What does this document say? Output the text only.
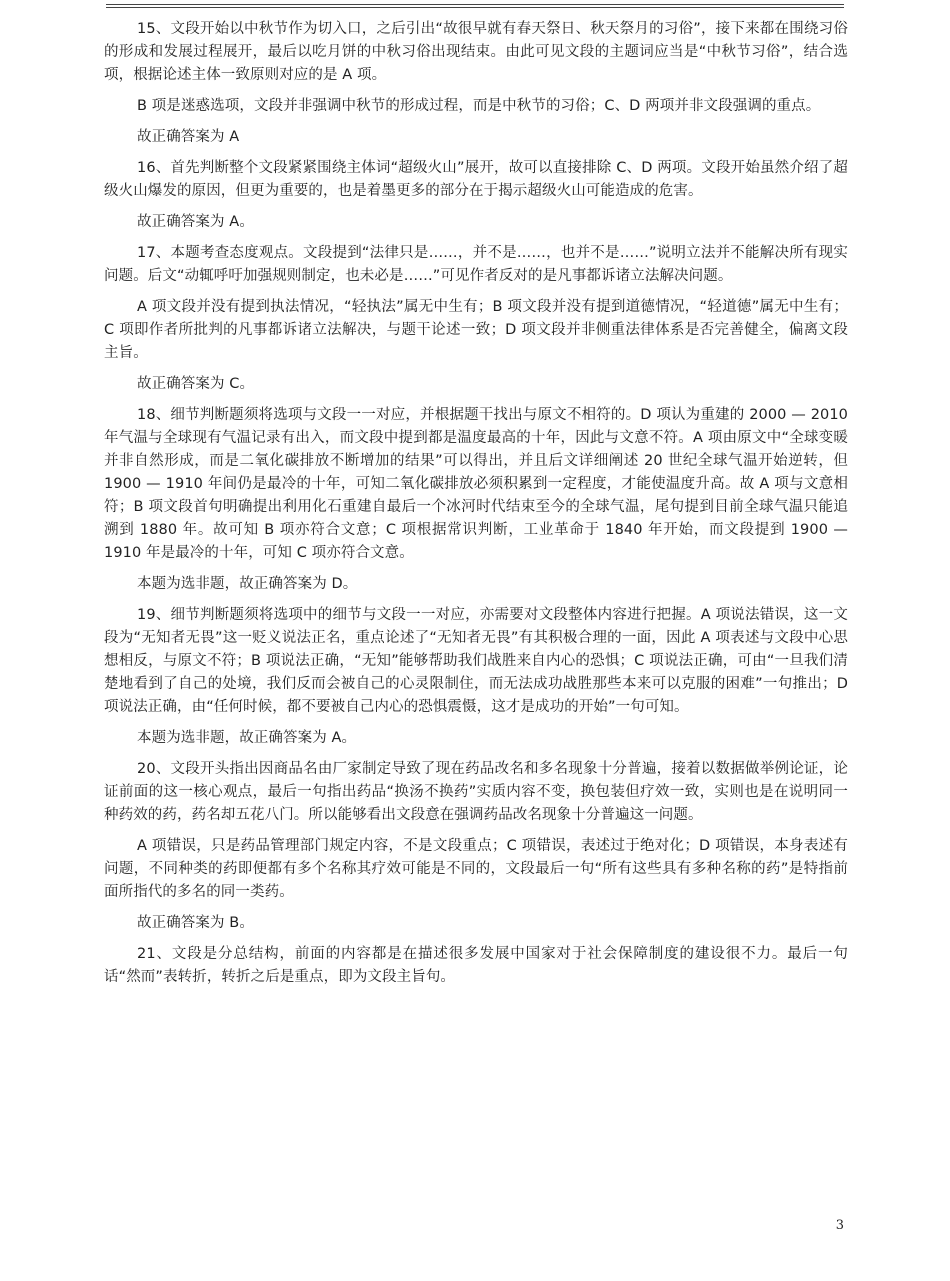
15、文段开始以中秋节作为切入口，之后引出“故很早就有春天祭日、秋天祭月的习俗”，接下来都在围绕习俗的形成和发展过程展开，最后以吃月饼的中秋习俗出现结束。由此可见文段的主题词应当是“中秋节习俗”，结合选项，根据论述主体一致原则对应的是 A 项。

B 项是迷惑选项，文段并非强调中秋节的形成过程，而是中秋节的习俗；C、D 两项并非文段强调的重点。

故正确答案为 A

16、首先判断整个文段紧紧围绕主体词“超级火山”展开，故可以直接排除 C、D 两项。文段开始虽然介绍了超级火山爆发的原因，但更为重要的，也是着墨更多的部分在于揭示超级火山可能造成的危害。

故正确答案为 A。

17、本题考查态度观点。文段提到“法律只是……，并不是……，也并不是……”说明立法并不能解决所有现实问题。后文“动辄呼吁加强规则制定，也未必是……”可见作者反对的是凡事都诉诸立法解决问题。

A 项文段并没有提到执法情况，“轻执法”属无中生有；B 项文段并没有提到道德情况，“轻道德”属无中生有；C 项即作者所批判的凡事都诉诸立法解决，与题干论述一致；D 项文段并非侧重法律体系是否完善健全，偏离文段主旨。

故正确答案为 C。

18、细节判断题须将选项与文段一一对应，并根据题干找出与原文不相符的。D 项认为重建的 2000 — 2010 年气温与全球现有气温记录有出入，而文段中提到都是温度最高的十年，因此与文意不符。A 项由原文中“全球变暖并非自然形成，而是二氧化碳排放不断增加的结果”可以得出，并且后文详细阐述 20 世纪全球气温开始逆转，但 1900 — 1910 年间仍是最冷的十年，可知二氧化碳排放必须积累到一定程度，才能使温度升高。故 A 项与文意相符；B 项文段首句明确提出利用化石重建自最后一个冰河时代结束至今的全球气温，尾句提到目前全球气温只能追溯到 1880 年。故可知 B 项亦符合文意；C 项根据常识判断，工业革命于 1840 年开始，而文段提到 1900 — 1910 年是最冷的十年，可知 C 项亦符合文意。

本题为选非题，故正确答案为 D。

19、细节判断题须将选项中的细节与文段一一对应，亦需要对文段整体内容进行把握。A 项说法错误，这一文段为“无知者无畏”这一贬义说法正名，重点论述了“无知者无畏”有其积极合理的一面，因此 A 项表述与文段中心思想相反，与原文不符；B 项说法正确，“无知”能够帮助我们战胜来自内心的恐惧；C 项说法正确，可由“一旦我们清楚地看到了自己的处境，我们反而会被自己的心灵限制住，而无法成功战胜那些本来可以克服的困难”一句推出；D 项说法正确，由“任何时候，都不要被自己内心的恐惧震慑，这才是成功的开始”一句可知。

本题为选非题，故正确答案为 A。

20、文段开头指出因商品名由厂家制定导致了现在药品改名和多名现象十分普遍，接着以数据做举例论证，论证前面的这一核心观点，最后一句指出药品“换汤不换药”实质内容不变，换包装但疗效一致，实则也是在说明同一种药效的药，药名却五花八门。所以能够看出文段意在强调药品改名现象十分普遍这一问题。

A 项错误，只是药品管理部门规定内容，不是文段重点；C 项错误，表述过于绝对化；D 项错误，本身表述有问题，不同种类的药即便都有多个名称其疗效可能是不同的，文段最后一句“所有这些具有多种名称的药”是特指前面所指代的多名的同一类药。

故正确答案为 B。

21、文段是分总结构，前面的内容都是在描述很多发展中国家对于社会保障制度的建设很不力。最后一句话“然而”表转折，转折之后是重点，即为文段主旨句。

3
